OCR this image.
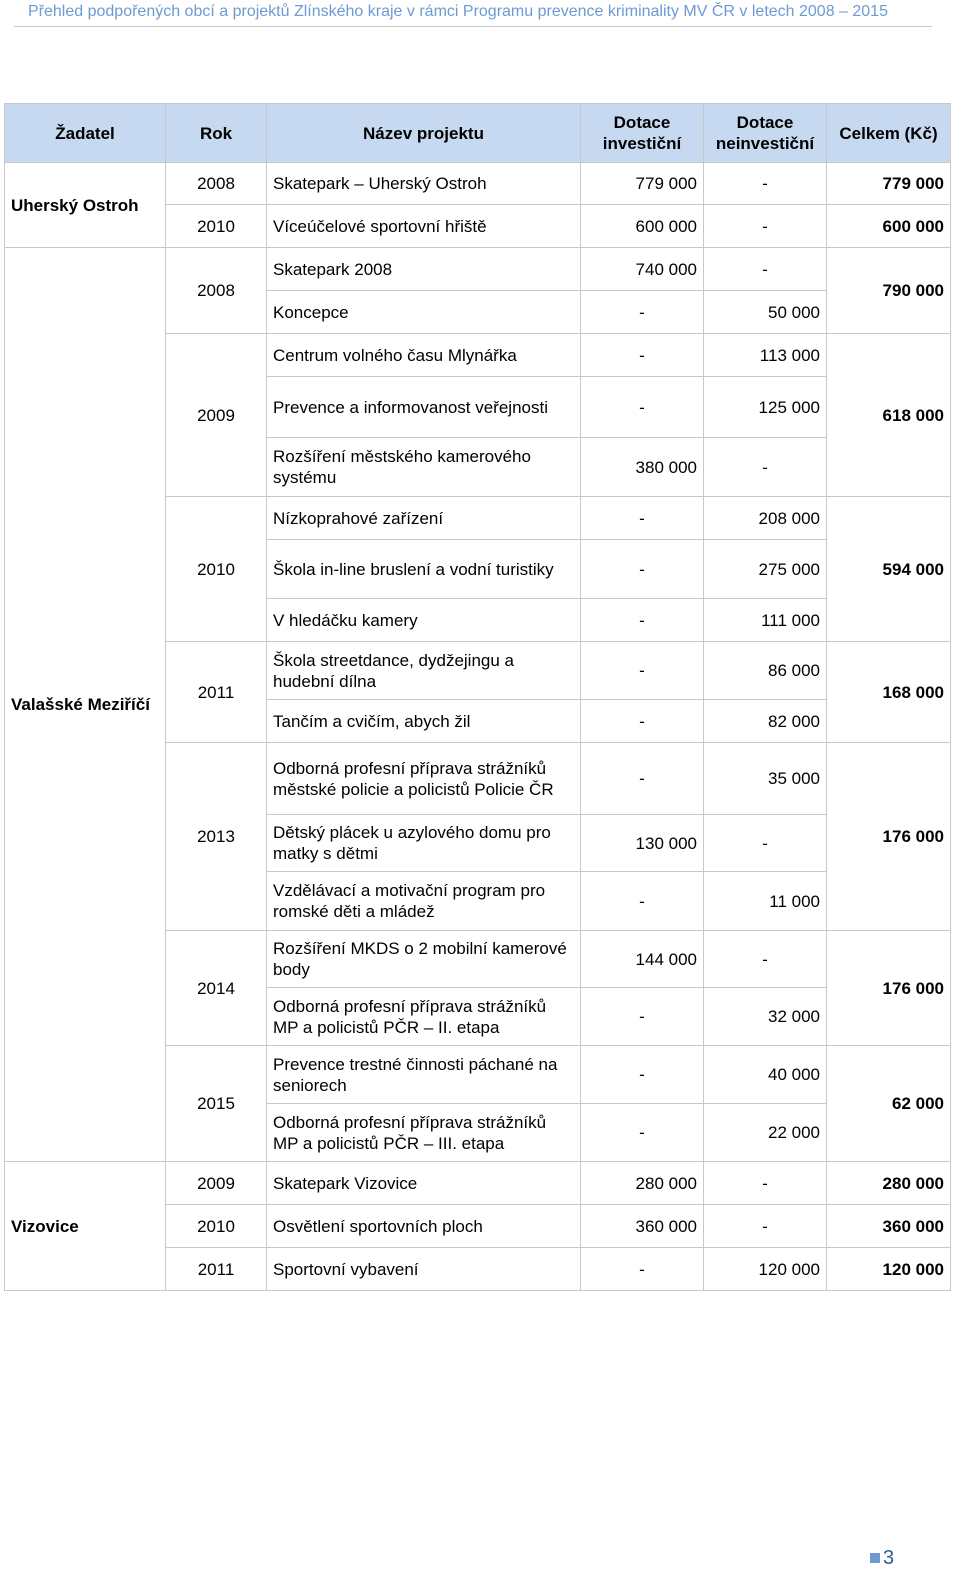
Přehled podpořených obcí a projektů Zlínského kraje v rámci Programu prevence kriminality MV ČR v letech 2008 – 2015
Žadatel	Rok	Název projektu	Dotace investiční	Dotace neinvestiční	Celkem (Kč)
Uherský Ostroh	2008	Skatepark – Uherský Ostroh	779 000	-	779 000
	2010	Víceúčelové sportovní hřiště	600 000	-	600 000
Valašské Meziříčí	2008	Skatepark 2008	740 000	-	790 000
		Koncepce	-	50 000	
	2009	Centrum volného času Mlynářka	-	113 000	618 000
		Prevence a informovanost veřejnosti	-	125 000	
		Rozšíření městského kamerového systému	380 000	-	
	2010	Nízkoprahové zařízení	-	208 000	594 000
		Škola in-line bruslení a vodní turistiky	-	275 000	
		V hledáčku kamery	-	111 000	
	2011	Škola streetdance, dydžejingu a hudební dílna	-	86 000	168 000
		Tančím a cvičím, abych žil	-	82 000	
	2013	Odborná profesní příprava strážníků městské policie a policistů Policie ČR	-	35 000	176 000
		Dětský plácek u azylového domu pro matky s dětmi	130 000	-	
		Vzdělávací a motivační program pro romské děti a mládež	-	11 000	
	2014	Rozšíření MKDS o 2 mobilní kamerové body	144 000	-	176 000
		Odborná profesní příprava strážníků MP a policistů PČR – II. etapa	-	32 000	
	2015	Prevence trestné činnosti páchané na seniorech	-	40 000	62 000
		Odborná profesní příprava strážníků MP a policistů PČR – III. etapa	-	22 000	
Vizovice	2009	Skatepark Vizovice	280 000	-	280 000
	2010	Osvětlení sportovních ploch	360 000	-	360 000
	2011	Sportovní vybavení	-	120 000	120 000
3
